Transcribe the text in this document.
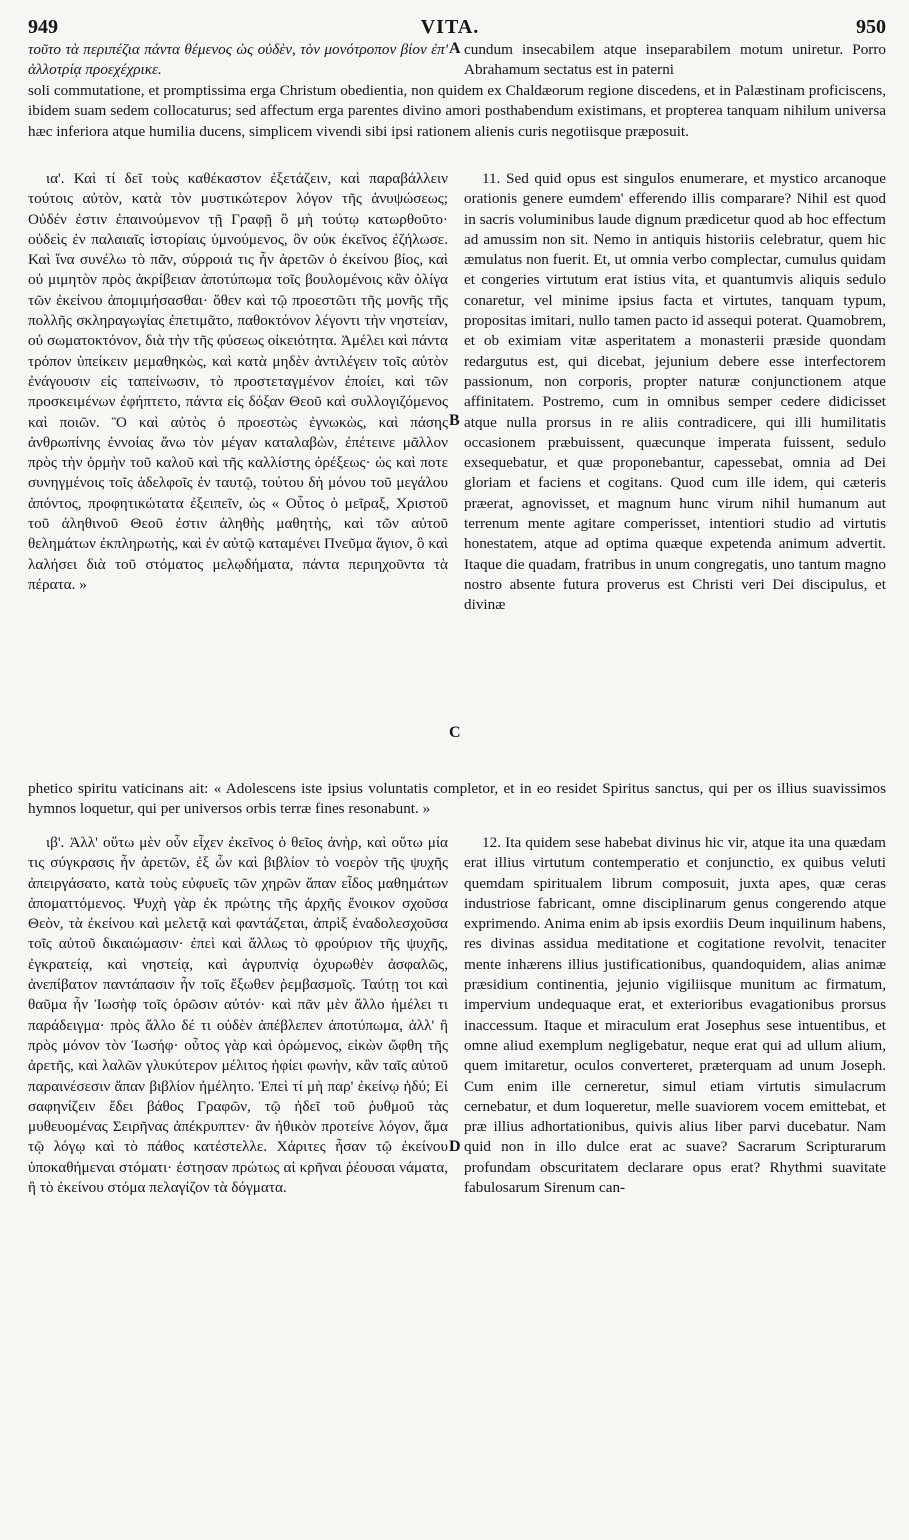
949	VITA.	950

τοῦτο τὰ περιπέζια πάντα θέμενος ὡς οὐδὲν, τὸν μονότροπον βίον ἐπ' ἀλλοτρίᾳ προεχέχρικε.

A cundum insecabilem atque inseparabilem motum uniretur. Porro Abrahamum sectatus est in paterni

soli commutatione, et promptissima erga Christum obedientia, non quidem ex Chaldæorum regione discedens, et in Palæstinam proficiscens, ibidem suam sedem collocaturus; sed affectum erga parentes divino amori posthabendum existimans, et propterea tanquam nihilum universa hæc inferiora atque humilia ducens, simplicem vivendi sibi ipsi rationem alienis curis negotiisque præposuit.

ια'. Καὶ τί δεῖ τοὺς καθέκαστον ἐξετάζειν, καὶ παραβάλλειν τούτοις αὐτὸν, κατὰ τὸν μυστικώτερον λόγον τῆς ἀνυψώσεως; Οὐδέν ἐστιν ἐπαινούμενον τῇ Γραφῇ ὃ μὴ τούτῳ κατωρθοῦτο· οὐδεὶς ἐν παλαιαῖς ἱστορίαις ὑμνούμενος, ὃν οὐκ ἐκεῖνος ἐζήλωσε. Καὶ ἵνα συνέλω τὸ πᾶν, σύρροιά τις ἦν ἀρετῶν ὁ ἐκείνου βίος, καὶ οὐ μιμητὸν πρὸς ἀκρίβειαν ἀποτύπωμα τοῖς βουλομένοις κἂν ὀλίγα τῶν ἐκείνου ἀπομιμήσασθαι· ὅθεν καὶ τῷ προεστῶτι τῆς μονῆς τῆς πολλῆς σκληραγωγίας ἐπετιμᾶτο, παθοκτόνον λέγοντι τὴν νηστείαν, οὐ σωματοκτόνον, διὰ τὴν τῆς φύσεως οἰκειότητα. Ἀμέλει καὶ πάντα τρόπον ὑπείκειν μεμαθηκὼς, καὶ κατὰ μηδὲν ἀντιλέγειν τοῖς αὐτὸν ἐνάγουσιν εἰς ταπείνωσιν, τὸ προστεταγμένον ἐποίει, καὶ τῶν προσκειμένων ἐφήπτετο, πάντα εἰς δόξαν Θεοῦ καὶ συλλογιζόμενος καὶ ποιῶν. Ὃ καὶ αὐτὸς ὁ προεστὼς ἐγνωκὼς, καὶ πάσης ἀνθρωπίνης ἐννοίας ἄνω τὸν μέγαν καταλαβὼν, ἐπέτεινε μᾶλλον πρὸς τὴν ὁρμὴν τοῦ καλοῦ καὶ τῆς καλλίστης ὀρέξεως· ὡς καὶ ποτε συνηγμένοις τοῖς ἀδελφοῖς ἐν ταυτῷ, τούτου δὴ μόνου τοῦ μεγάλου ἀπόντος, προφητικώτατα ἐξειπεῖν, ὡς « Οὗτος ὁ μεῖραξ, Χριστοῦ τοῦ ἀληθινοῦ Θεοῦ ἐστιν ἀληθὴς μαθητὴς, καὶ τῶν αὐτοῦ θελημάτων ἐκπληρωτὴς, καὶ ἐν αὐτῷ καταμένει Πνεῦμα ἅγιον, ὃ καὶ λαλήσει διὰ τοῦ στόματος μελῳδήματα, πάντα περιηχοῦντα τὰ πέρατα. »

B
C

11. Sed quid opus est singulos enumerare, et mystico arcanoque orationis genere eumdem' efferendo illis comparare? Nihil est quod in sacris voluminibus laude dignum prædicetur quod ab hoc effectum ad amussim non sit. Nemo in antiquis historiis celebratur, quem hic æmulatus non fuerit. Et, ut omnia verbo complectar, cumulus quidam et congeries virtutum erat istius vita, et quantumvis aliquis sedulo conaretur, vel minime ipsius facta et virtutes, tanquam typum, propositas imitari, nullo tamen pacto id assequi poterat. Quamobrem, et ob eximiam vitæ asperitatem a monasterii præside quondam redargutus est, qui dicebat, jejunium debere esse interfectorem passionum, non corporis, propter naturæ conjunctionem atque affinitatem. Postremo, cum in omnibus semper cedere didicisset atque nulla prorsus in re aliis contradicere, qui illi humilitatis occasionem præbuissent, quæcunque imperata fuissent, sedulo exsequebatur, et quæ proponebantur, capessebat, omnia ad Dei gloriam et faciens et cogitans. Quod cum ille idem, qui cæteris præerat, agnovisset, et magnum hunc virum nihil humanum aut terrenum mente agitare comperisset, intentiori studio ad virtutis honestatem, atque ad optima quæque expetenda animum advertit. Itaque die quadam, fratribus in unum congregatis, uno tantum magno nostro absente futura proverus est Christi veri Dei discipulus, et divinæ

phetico spiritu vaticinans ait: « Adolescens iste ipsius voluntatis completor, et in eo residet Spiritus sanctus, qui per os illius suavissimos hymnos loquetur, qui per universos orbis terræ fines resonabunt. »

ιβ'. Ἀλλ' οὕτω μὲν οὖν εἶχεν ἐκεῖνος ὁ θεῖος ἀνὴρ, καὶ οὕτω μία τις σύγκρασις ἦν ἀρετῶν, ἐξ ὧν καὶ βιβλίον τὸ νοερὸν τῆς ψυχῆς ἀπειργάσατο, κατὰ τοὺς εὐφυεῖς τῶν χηρῶν ἅπαν εἶδος μαθημάτων ἀποματτόμενος. Ψυχὴ γὰρ ἐκ πρώτης τῆς ἀρχῆς ἔνοικον σχοῦσα Θεὸν, τὰ ἐκείνου καὶ μελετᾷ καὶ φαντάζεται, ἀπρὶξ ἐναδολεσχοῦσα τοῖς αὐτοῦ δικαιώμασιν· ἐπεὶ καὶ ἄλλως τὸ φρούριον τῆς ψυχῆς, ἐγκρατείᾳ, καὶ νηστείᾳ, καὶ ἀγρυπνίᾳ ὀχυρωθὲν ἀσφαλῶς, ἀνεπίβατον παντάπασιν ἦν τοῖς ἔξωθεν ῥεμβασμοῖς. Ταύτῃ τοι καὶ θαῦμα ἦν Ἰωσὴφ τοῖς ὁρῶσιν αὐτόν· καὶ πᾶν μὲν ἄλλο ἠμέλει τι παράδειγμα· πρὸς ἄλλο δέ τι οὐδὲν ἀπέβλεπεν ἀποτύπωμα, ἀλλ' ἢ πρὸς μόνον τὸν Ἰωσήφ· οὗτος γὰρ καὶ ὁρώμενος, εἰκὼν ὤφθη τῆς ἀρετῆς, καὶ λαλῶν γλυκύτερον μέλιτος ἠφίει φωνὴν, κἂν ταῖς αὐτοῦ παραινέσεσιν ἅπαν βιβλίον ἠμέλητο. Ἐπεὶ τί μὴ παρ' ἐκείνῳ ἡδύ; Εἰ σαφηνίζειν ἔδει βάθος Γραφῶν, τῷ ἠδεῖ τοῦ ῥυθμοῦ τὰς μυθευομένας Σειρῆνας ἀπέκρυπτεν· ἂν ἠθικὸν προτείνε λόγον, ἅμα τῷ λόγῳ καὶ τὸ πάθος κατέστελλε. Χάριτες ἦσαν τῷ ἐκείνου ὑποκαθήμεναι στόματι· ἐστησαν πρώτως αἱ κρῆναι ῥέουσαι νάματα, ἢ τὸ ἐκείνου στόμα πελαγίζον τὰ δόγματα.

D

12. Ita quidem sese habebat divinus hic vir, atque ita una quædam erat illius virtutum contemperatio et conjunctio, ex quibus veluti quemdam spiritualem librum composuit, juxta apes, quæ ceras industriose fabricant, omne disciplinarum genus congerendo atque exprimendo. Anima enim ab ipsis exordiis Deum inquilinum habens, res divinas assidua meditatione et cogitatione revolvit, tenaciter mente inhærens illius justificationibus, quandoquidem, alias animæ præsidium continentia, jejunio vigiliisque munitum ac firmatum, impervium undequaque erat, et exterioribus evagationibus prorsus inaccessum. Itaque et miraculum erat Josephus sese intuentibus, et omne aliud exemplum negligebatur, neque erat qui ad ullum alium, quem imitaretur, oculos converteret, præterquam ad unum Joseph. Cum enim ille cerneretur, simul etiam virtutis simulacrum cernebatur, et dum loqueretur, melle suaviorem vocem emittebat, et præ illius adhortationibus, quivis alius liber parvi ducebatur. Nam quid non in illo dulce erat ac suave? Sacrarum Scripturarum profundam obscuritatem declarare opus erat? Rhythmi suavitate fabulosarum Sirenum can-
